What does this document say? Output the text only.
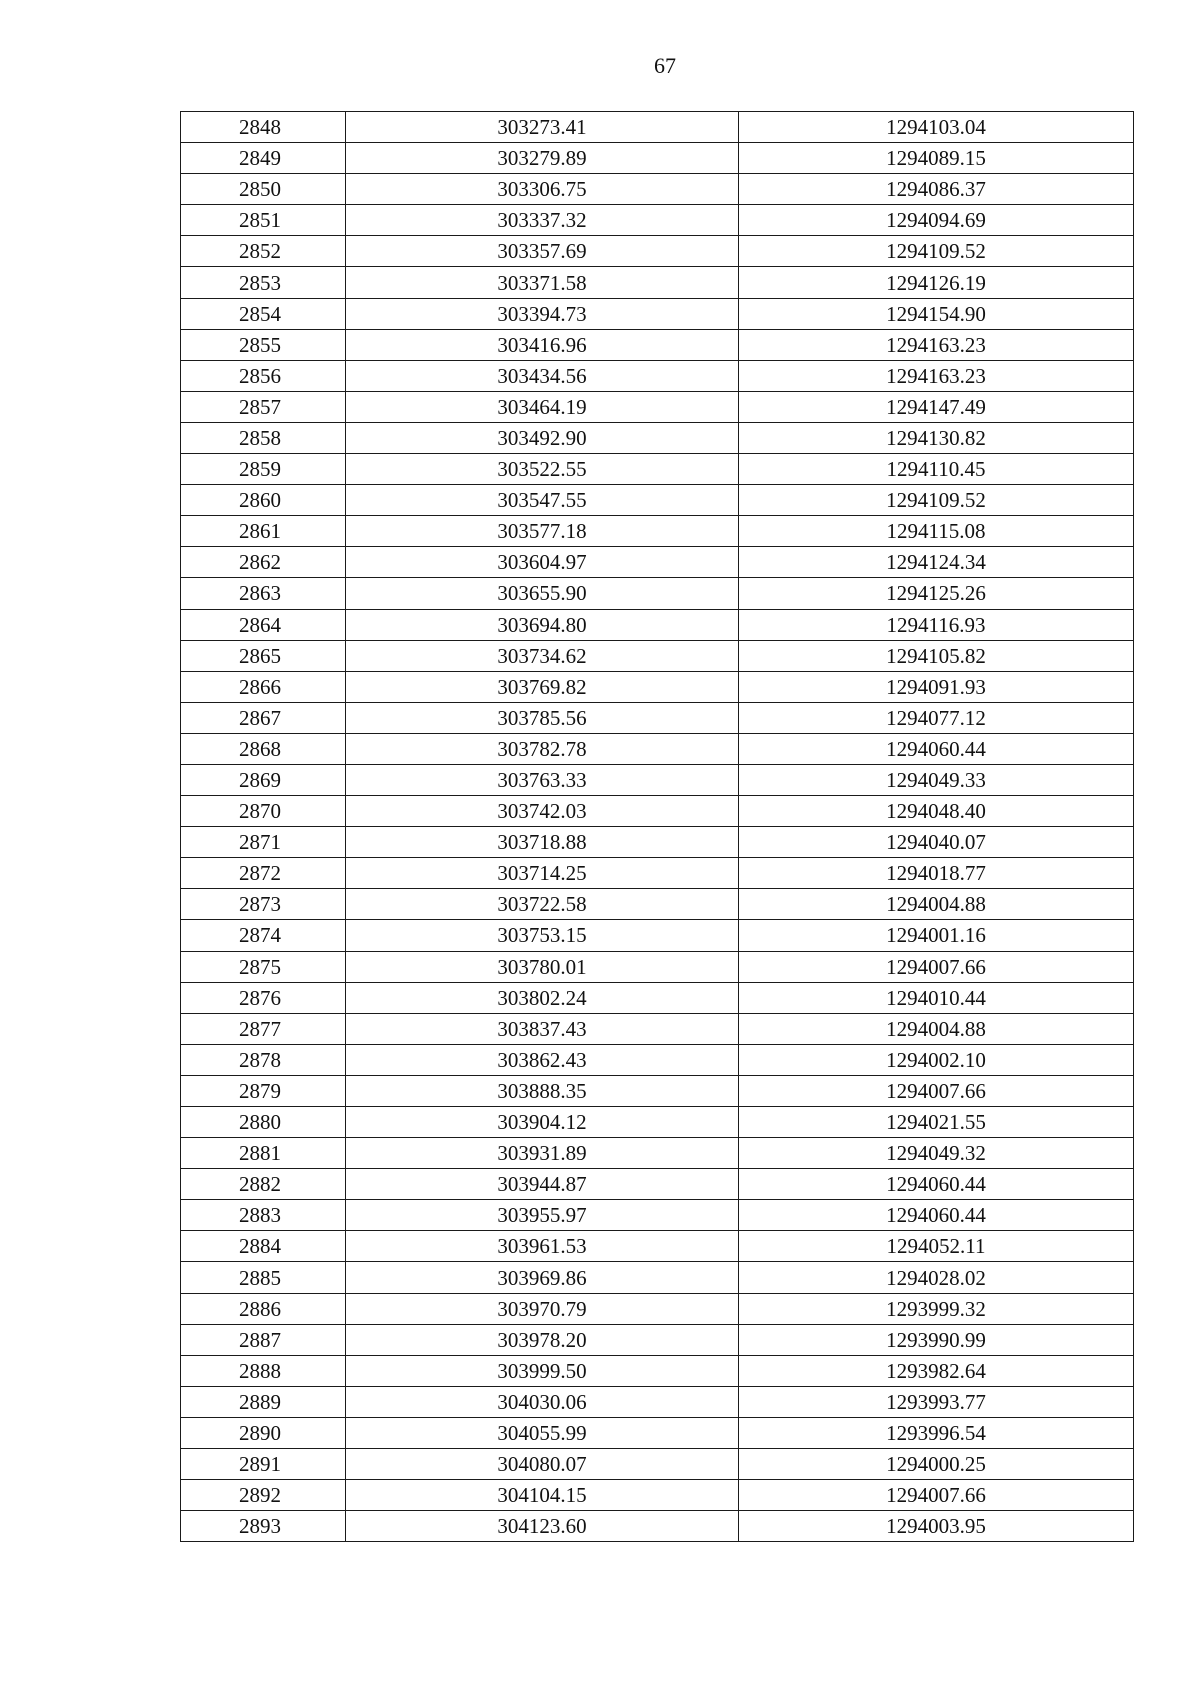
67
2848	303273.41	1294103.04
2849	303279.89	1294089.15
2850	303306.75	1294086.37
2851	303337.32	1294094.69
2852	303357.69	1294109.52
2853	303371.58	1294126.19
2854	303394.73	1294154.90
2855	303416.96	1294163.23
2856	303434.56	1294163.23
2857	303464.19	1294147.49
2858	303492.90	1294130.82
2859	303522.55	1294110.45
2860	303547.55	1294109.52
2861	303577.18	1294115.08
2862	303604.97	1294124.34
2863	303655.90	1294125.26
2864	303694.80	1294116.93
2865	303734.62	1294105.82
2866	303769.82	1294091.93
2867	303785.56	1294077.12
2868	303782.78	1294060.44
2869	303763.33	1294049.33
2870	303742.03	1294048.40
2871	303718.88	1294040.07
2872	303714.25	1294018.77
2873	303722.58	1294004.88
2874	303753.15	1294001.16
2875	303780.01	1294007.66
2876	303802.24	1294010.44
2877	303837.43	1294004.88
2878	303862.43	1294002.10
2879	303888.35	1294007.66
2880	303904.12	1294021.55
2881	303931.89	1294049.32
2882	303944.87	1294060.44
2883	303955.97	1294060.44
2884	303961.53	1294052.11
2885	303969.86	1294028.02
2886	303970.79	1293999.32
2887	303978.20	1293990.99
2888	303999.50	1293982.64
2889	304030.06	1293993.77
2890	304055.99	1293996.54
2891	304080.07	1294000.25
2892	304104.15	1294007.66
2893	304123.60	1294003.95
